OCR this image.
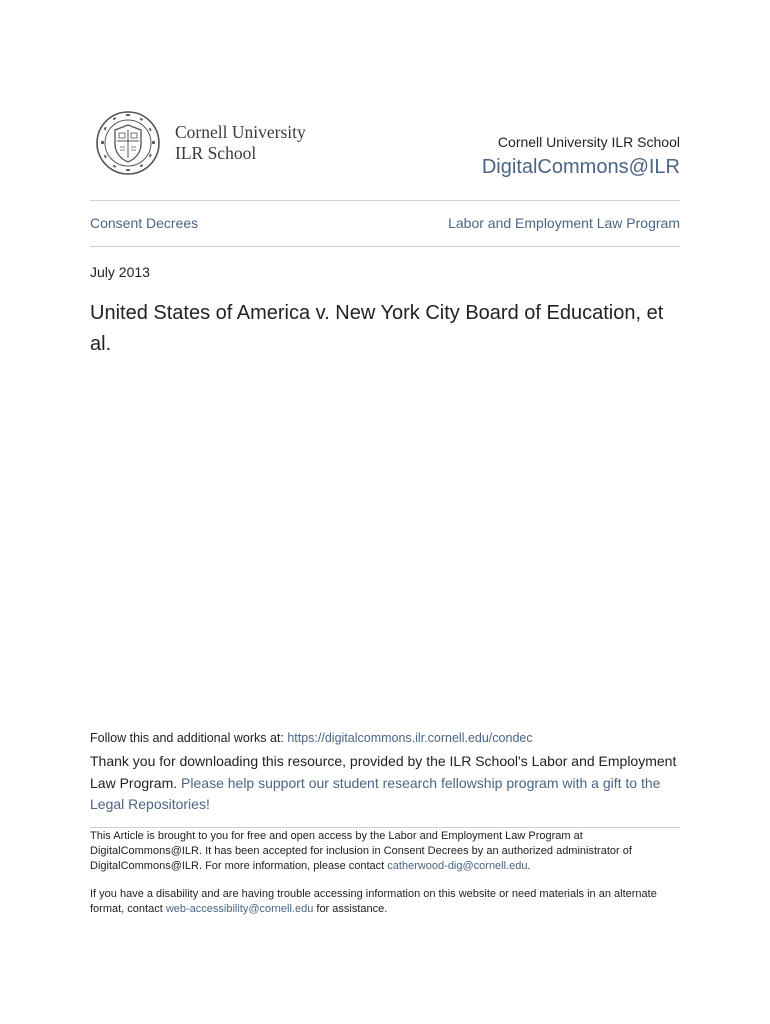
Cornell University
ILR School
Cornell University ILR School
DigitalCommons@ILR
Consent Decrees	Labor and Employment Law Program
July 2013
United States of America v. New York City Board of Education, et al.
Follow this and additional works at: https://digitalcommons.ilr.cornell.edu/condec
Thank you for downloading this resource, provided by the ILR School's Labor and Employment Law Program. Please help support our student research fellowship program with a gift to the Legal Repositories!
This Article is brought to you for free and open access by the Labor and Employment Law Program at DigitalCommons@ILR. It has been accepted for inclusion in Consent Decrees by an authorized administrator of DigitalCommons@ILR. For more information, please contact catherwood-dig@cornell.edu.
If you have a disability and are having trouble accessing information on this website or need materials in an alternate format, contact web-accessibility@cornell.edu for assistance.
